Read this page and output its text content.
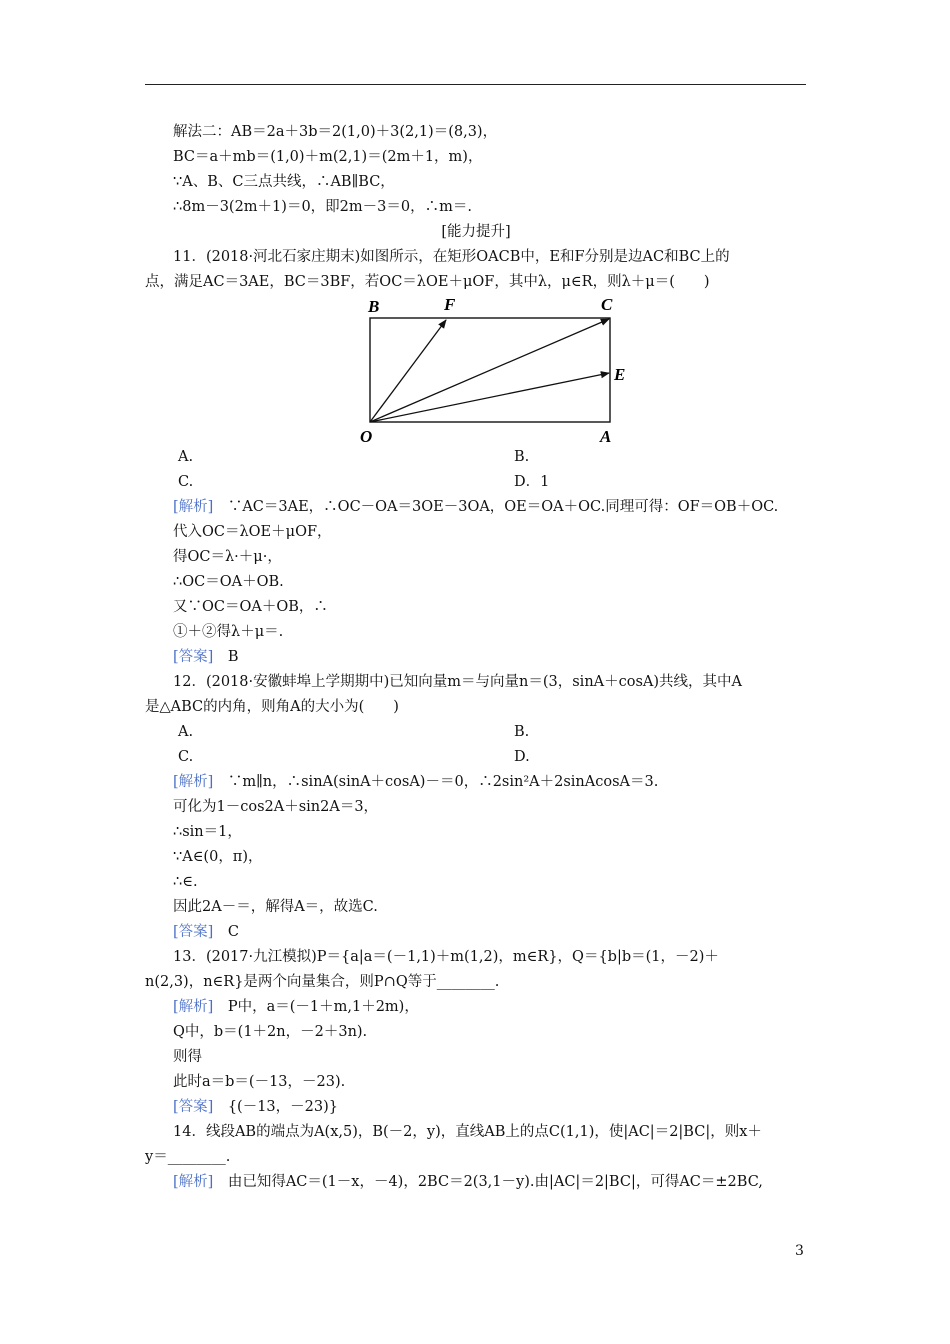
解法二：AB＝2a＋3b＝2(1,0)＋3(2,1)＝(8,3)，
BC＝a＋mb＝(1,0)＋m(2,1)＝(2m＋1，m)，
∵A、B、C三点共线，∴AB∥BC，
∴8m－3(2m＋1)＝0，即2m－3＝0，∴m＝.
[能力提升]
11．(2018·河北石家庄期末)如图所示，在矩形OACB中，E和F分别是边AC和BC上的
点，满足AC＝3AE，BC＝3BF，若OC＝λOE＋μOF，其中λ，μ∈R，则λ＋μ＝(　　)
B	F	C
E
O	A
A.	B.
C.	D．1
[解析]　 ∵AC＝3AE，∴OC－OA＝3OE－3OA，OE＝OA＋OC.同理可得：OF＝OB＋OC.
代入OC＝λOE＋μOF，
得OC＝λ·＋μ·，
∴OC＝OA＋OB.
又∵OC＝OA＋OB，∴
①＋②得λ＋μ＝.
[答案]　 B
12．(2018·安徽蚌埠上学期期中)已知向量m＝与向量n＝(3，sinA＋cosA)共线，其中A
是△ABC的内角，则角A的大小为(　　)
A.	B.
C.	D.
[解析]　 ∵m∥n，∴sinA(sinA＋cosA)－＝0，∴2sin²A＋2sinAcosA＝3.
可化为1－cos2A＋sin2A＝3，
∴sin＝1，
∵A∈(0，π)，
∴∈.
因此2A－＝，解得A＝，故选C.
[答案]　 C
13．(2017·九江模拟)P＝{a|a＝(－1,1)＋m(1,2)，m∈R}，Q＝{b|b＝(1，－2)＋
n(2,3)，n∈R}是两个向量集合，则P∩Q等于________.
[解析]　 P中，a＝(－1＋m,1＋2m)，
Q中，b＝(1＋2n，－2＋3n).
则得
此时a＝b＝(－13，－23).
[答案]　 {(－13，－23)}
14．线段AB的端点为A(x,5)，B(－2，y)，直线AB上的点C(1,1)，使|AC|＝2|BC|，则x＋
y＝________.
[解析]　 由已知得AC＝(1－x，－4)，2BC＝2(3,1－y).由|AC|＝2|BC|，可得AC＝±2BC,
3
